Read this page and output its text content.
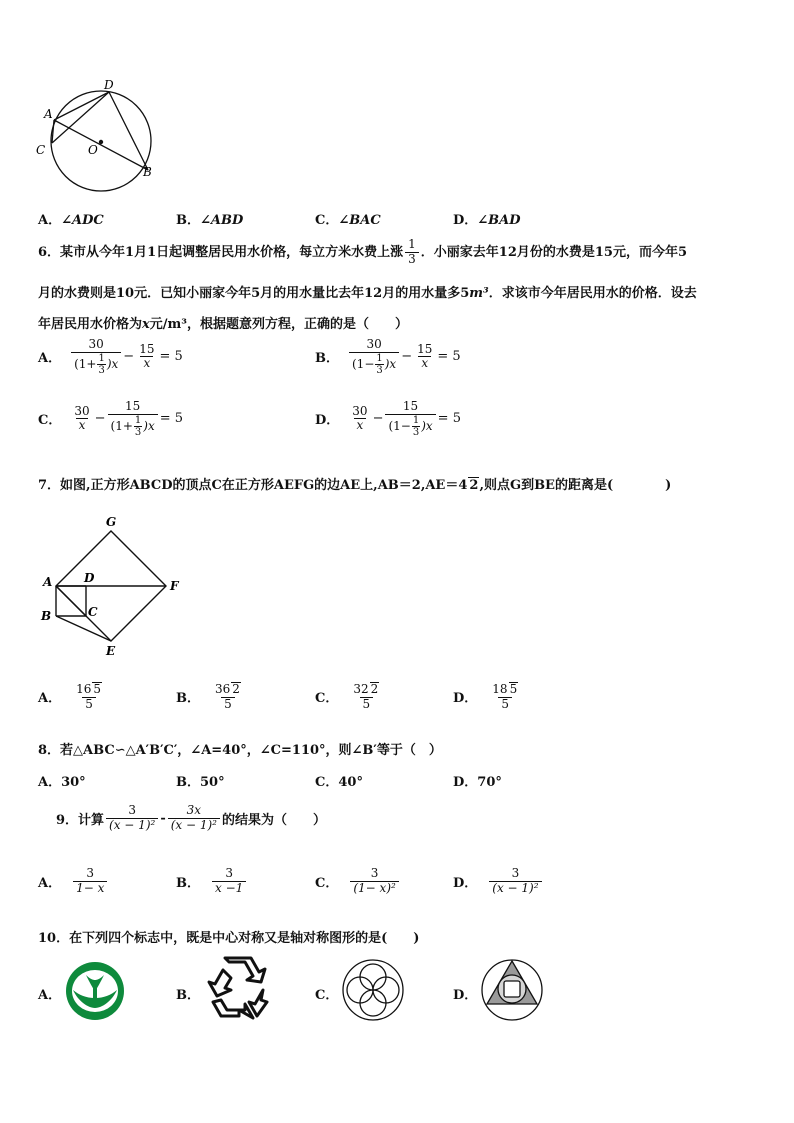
D
A
C	O
B
A．∠ADC	B．∠ABD	C．∠BAC	D．∠BAD
6．某市从今年1月1日起调整居民用水价格，每立方米水费上涨 $\frac{1}{3}$ ．小丽家去年12月份的水费是15元，而今年5
月的水费则是10元．已知小丽家今年5月的用水量比去年12月的用水量多5m³．求该市今年居民用水的价格．设去
年居民用水价格为x元/m³，根据题意列方程，正确的是（　　）
A． $\frac{30}{(1+ \frac{1}{3} )x} - \frac{15}{x} = 5$	B． $\frac{30}{(1- \frac{1}{3} )x} - \frac{15}{x} = 5$
C． $\frac{30}{x} - \frac{15}{(1+ \frac{1}{3} )x} = 5$	D． $\frac{30}{x} - \frac{15}{(1- \frac{1}{3} )x} = 5$
7．如图,正方形ABCD的顶点C在正方形AEFG的边AE上,AB＝2,AE＝4 2,则点G到BE的距离是(　　　　)
G
A	D
F
B	C
E
A． $\frac{16 5}{5}$	B． $\frac{36 2}{5}$	C． $\frac{32 2}{5}$	D． $\frac{18 5}{5}$
8．若△ABC∽△A′B′C′，∠A=40°，∠C=110°，则∠B′等于（　）
A．30°	B．50°	C．40°	D．70°
9．计算 $\frac{3}{\text{(x − 1)²}} - \frac{3x}{\text{(x − 1)²}}$ 的结果为（　　）
A． $\frac{3}{1- x}$	B． $\frac{3}{x -1}$	C． $\frac{3}{\text{(1− x)²}}$	D． $\frac{3}{\text{(x − 1)²}}$
10．在下列四个标志中，既是中心对称又是轴对称图形的是(　　)
A．	B．	C．	D．
